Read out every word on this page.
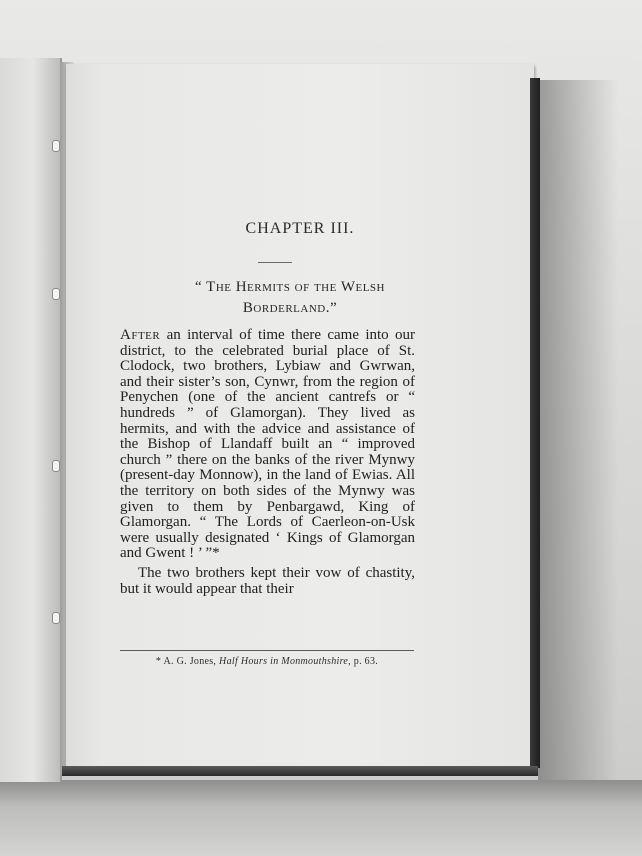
CHAPTER III.
“ The Hermits of the Welsh
Borderland.”

After an interval of time there came into our district, to the celebrated burial place of St. Clodock, two brothers, Lybiaw and Gwrwan, and their sister’s son, Cynwr, from the region of Penychen (one of the ancient cantrefs or “ hundreds ” of Glamorgan). They lived as hermits, and with the advice and assistance of the Bishop of Llandaff built an “ improved church ” there on the banks of the river Mynwy (present-day Monnow), in the land of Ewias. All the territory on both sides of the Mynwy was given to them by Penbargawd, King of Glamorgan. “ The Lords of Caerleon-on-Usk were usually designated ‘ Kings of Glamorgan and Gwent ! ’ ”*

The two brothers kept their vow of chastity, but it would appear that their

* A. G. Jones, Half Hours in Monmouthshire, p. 63.
